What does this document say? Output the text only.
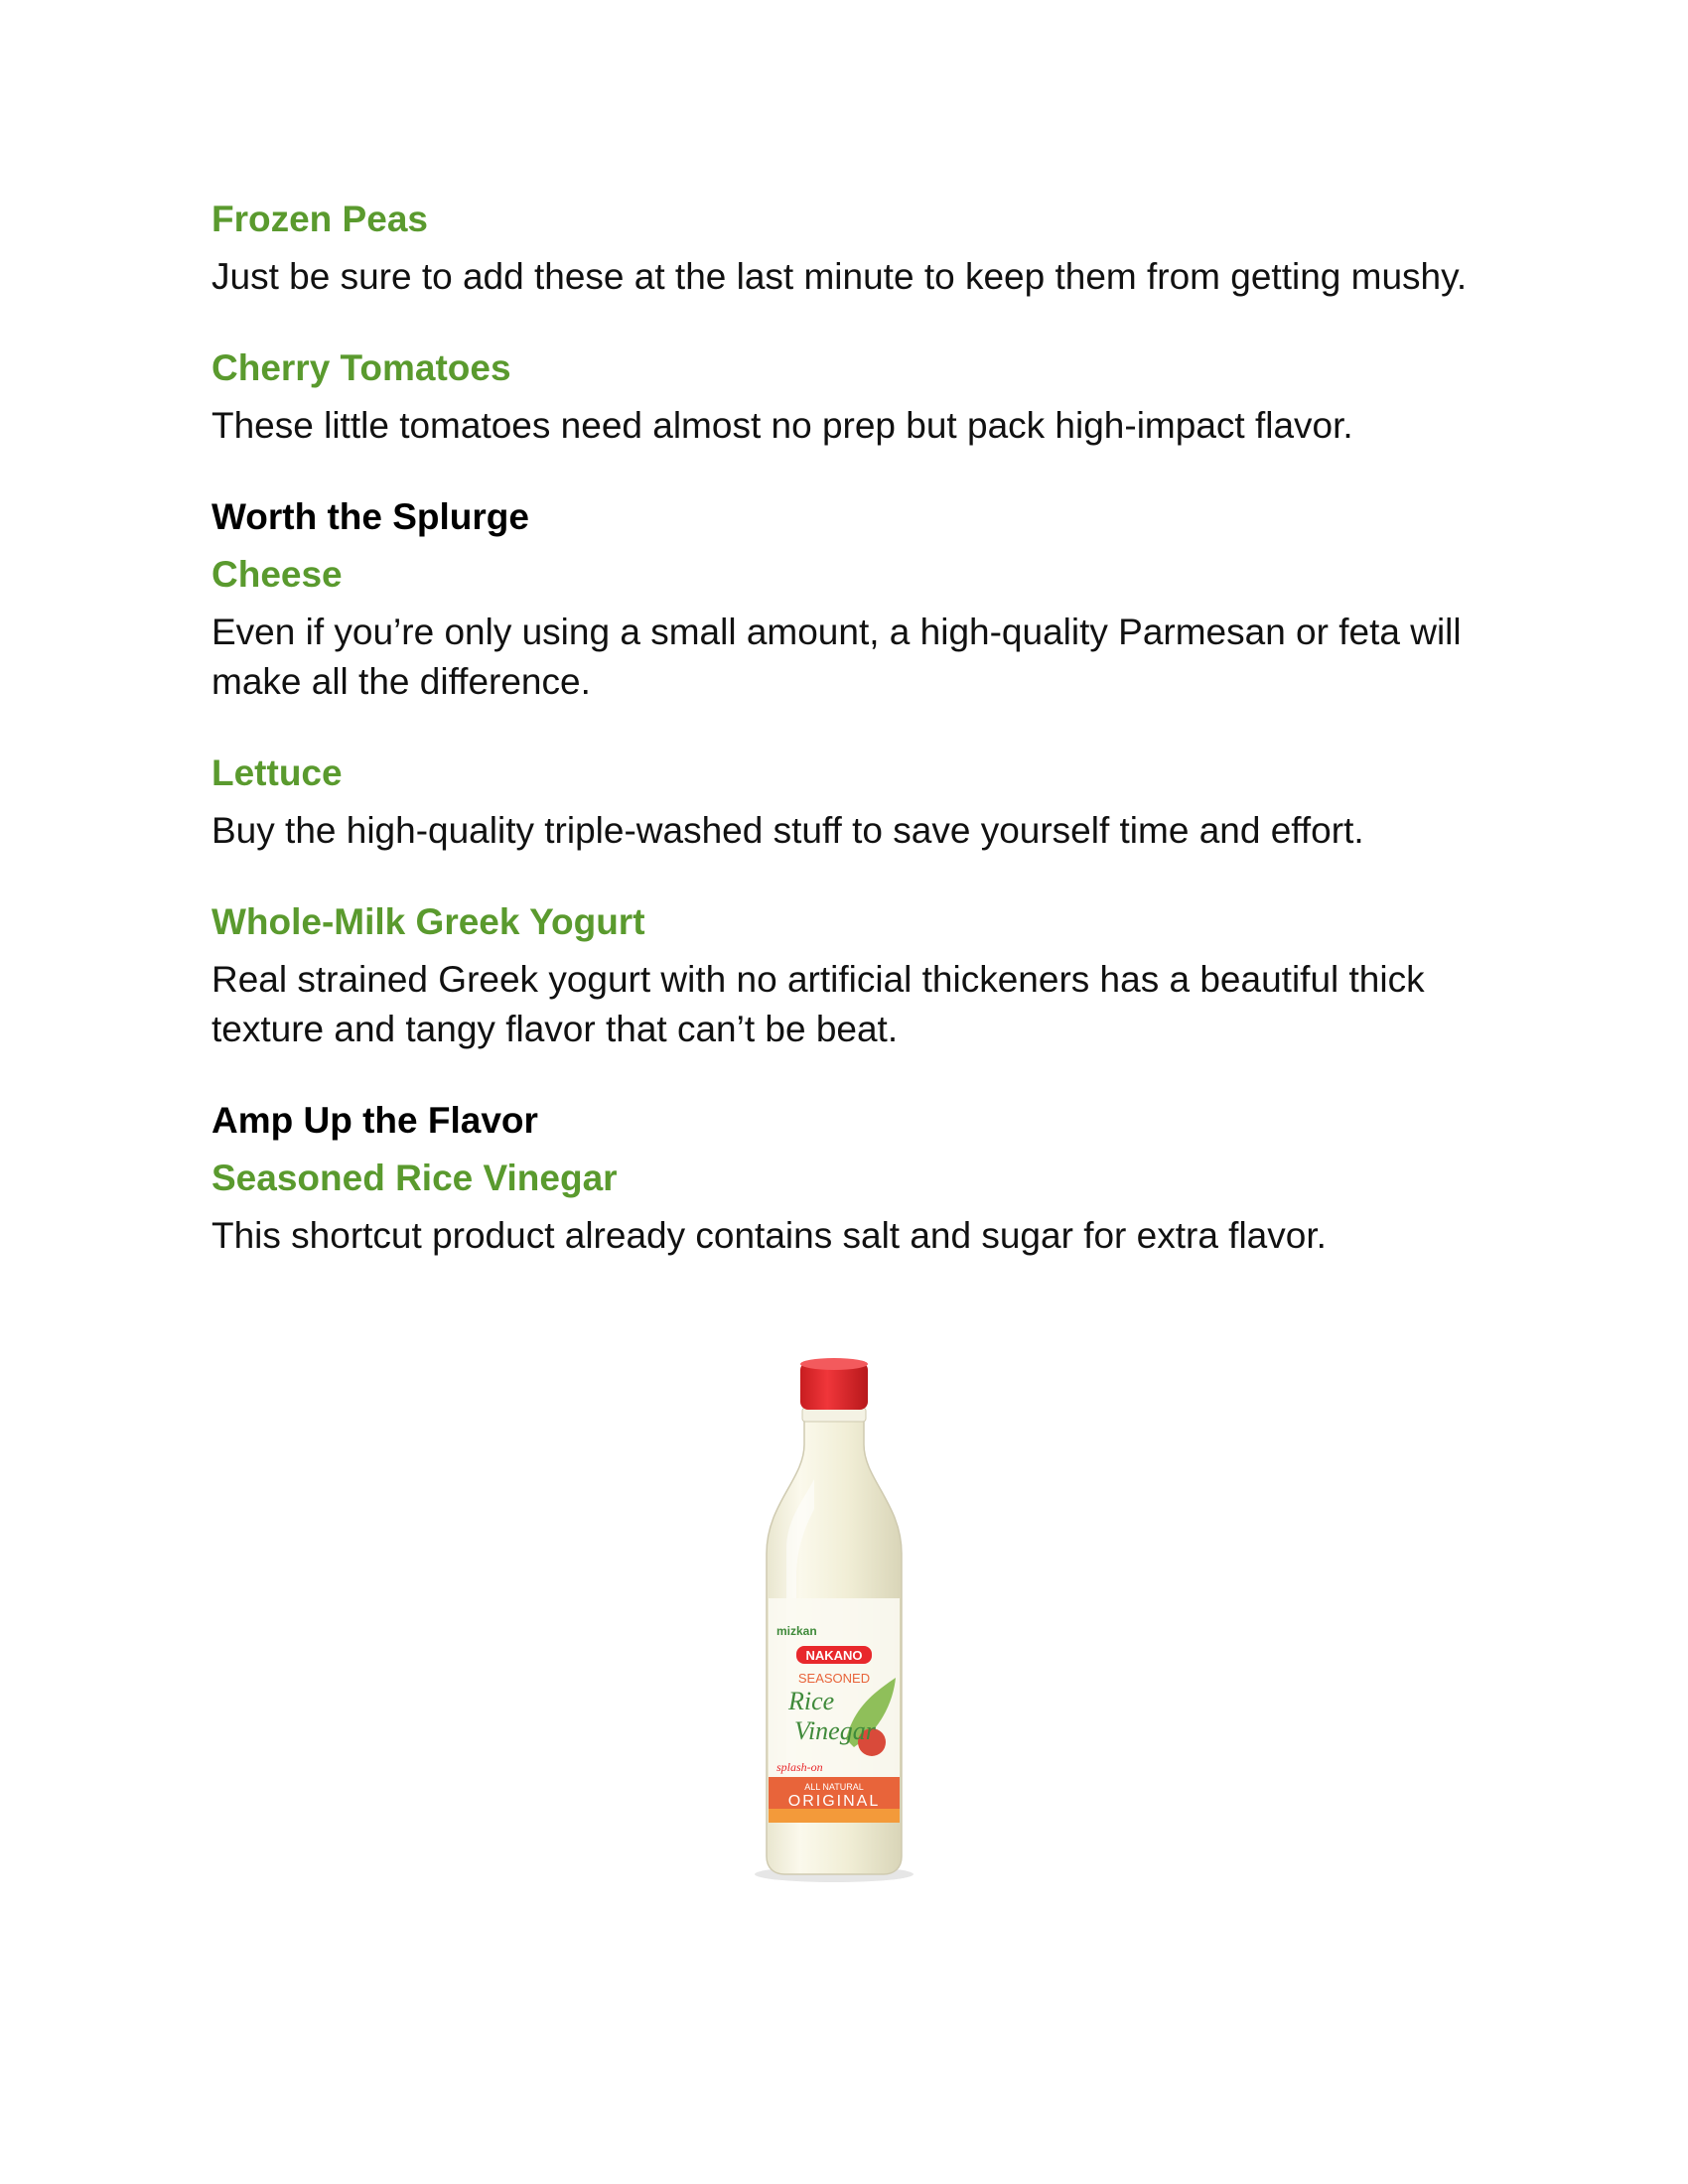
Frozen Peas

Just be sure to add these at the last minute to keep them from getting mushy.

Cherry Tomatoes

These little tomatoes need almost no prep but pack high-impact flavor.

Worth the Splurge
Cheese

Even if you’re only using a small amount, a high-quality Parmesan or feta will make all the difference.

Lettuce

Buy the high-quality triple-washed stuff to save yourself time and effort.

Whole-Milk Greek Yogurt

Real strained Greek yogurt with no artificial thickeners has a beautiful thick texture and tangy flavor that can’t be beat.

Amp Up the Flavor
Seasoned Rice Vinegar

This shortcut product already contains salt and sugar for extra flavor.

mizkan
NAKANO
SEASONED
Rice
Vinegar
splash-on
ALL NATURAL
ORIGINAL
